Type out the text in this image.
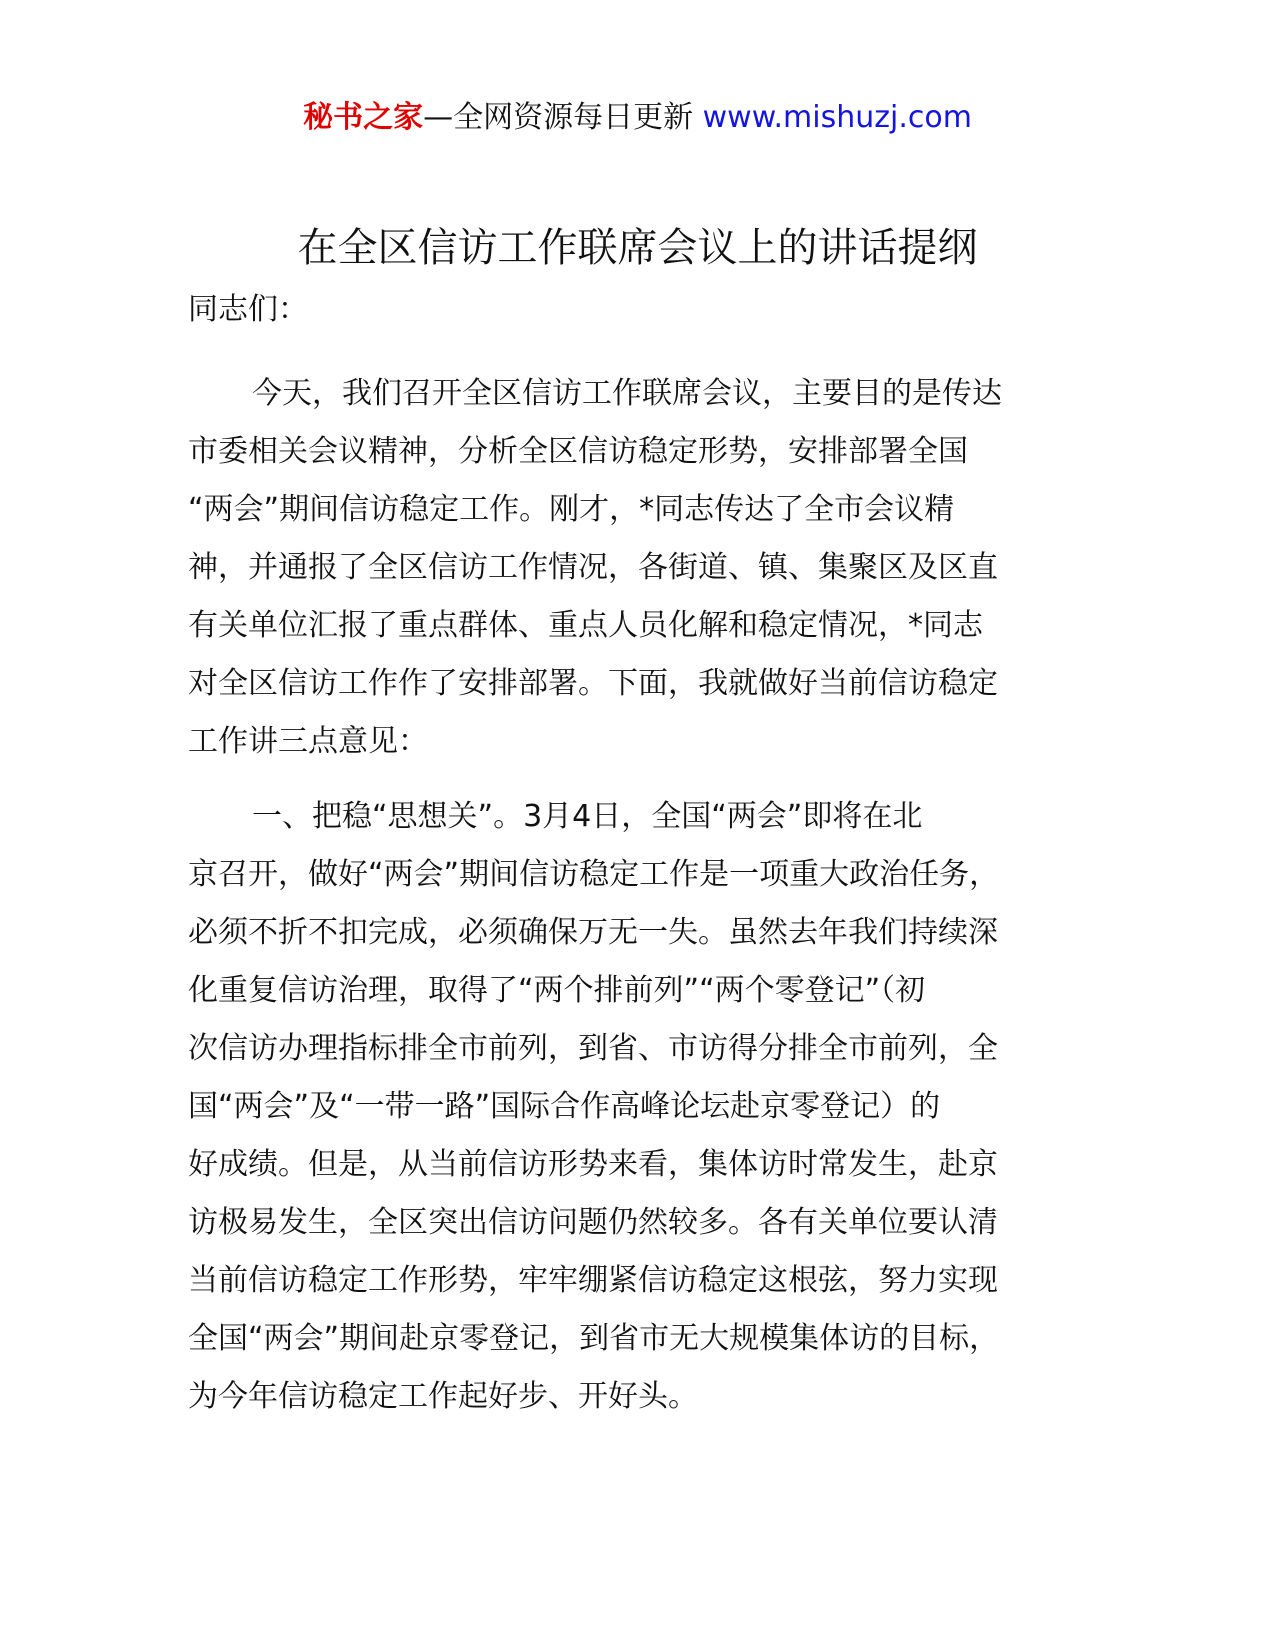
秘书之家—全网资源每日更新 www.mishuzj.com
在全区信访工作联席会议上的讲话提纲

同志们：

今天，我们召开全区信访工作联席会议，主要目的是传达
市委相关会议精神，分析全区信访稳定形势，安排部署全国
“两会”期间信访稳定工作。刚才，*同志传达了全市会议精
神，并通报了全区信访工作情况，各街道、镇、集聚区及区直
有关单位汇报了重点群体、重点人员化解和稳定情况，*同志
对全区信访工作作了安排部署。下面，我就做好当前信访稳定
工作讲三点意见：
一、把稳“思想关”。3月4日，全国“两会”即将在北
京召开，做好“两会”期间信访稳定工作是一项重大政治任务，
必须不折不扣完成，必须确保万无一失。虽然去年我们持续深
化重复信访治理，取得了“两个排前列”“两个零登记”（初
次信访办理指标排全市前列，到省、市访得分排全市前列，全
国“两会”及“一带一路”国际合作高峰论坛赴京零登记）的
好成绩。但是，从当前信访形势来看，集体访时常发生，赴京
访极易发生，全区突出信访问题仍然较多。各有关单位要认清
当前信访稳定工作形势，牢牢绷紧信访稳定这根弦，努力实现
全国“两会”期间赴京零登记，到省市无大规模集体访的目标，
为今年信访稳定工作起好步、开好头。
